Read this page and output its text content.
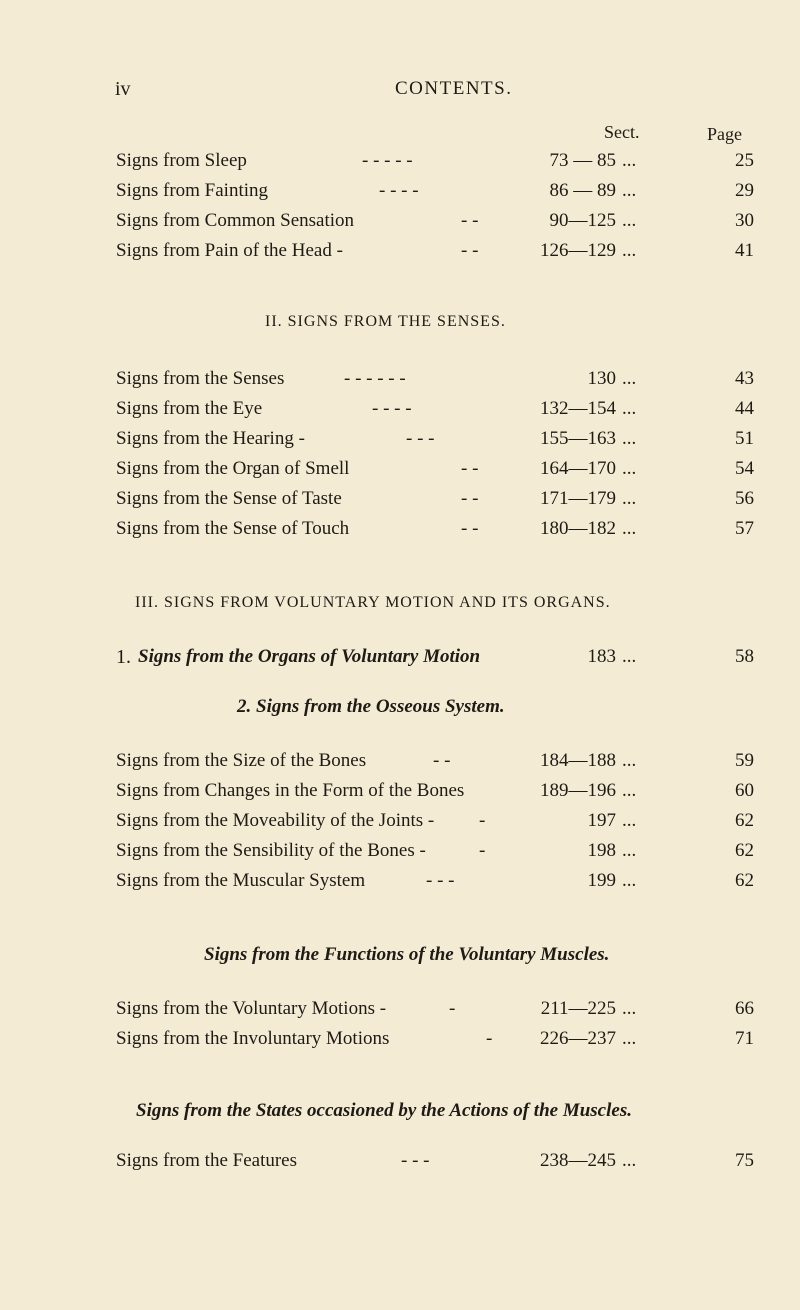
iv	CONTENTS.
Sect.	Page
Signs from Sleep	- - - - -	73 — 85 ...	25
Signs from Fainting	- - - -	86 — 89 ...	29
Signs from Common Sensation	- -	90—125 ...	30
Signs from Pain of the Head -	- -	126—129 ...	41
II. SIGNS FROM THE SENSES.
Signs from the Senses	- - - - - -	130 ...	43
Signs from the Eye	- - - -	132—154 ...	44
Signs from the Hearing -	- - -	155—163 ...	51
Signs from the Organ of Smell	- -	164—170 ...	54
Signs from the Sense of Taste	- -	171—179 ...	56
Signs from the Sense of Touch	- -	180—182 ...	57
III. SIGNS FROM VOLUNTARY MOTION AND ITS ORGANS.
1. Signs from the Organs of Voluntary Motion	183 ...	58
2. Signs from the Osseous System.
Signs from the Size of the Bones	- -	184—188 ...	59
Signs from Changes in the Form of the Bones	189—196 ...	60
Signs from the Moveability of the Joints - -	197 ...	62
Signs from the Sensibility of the Bones -	-	198 ...	62
Signs from the Muscular System	- - -	199 ...	62
Signs from the Functions of the Voluntary Muscles.
Signs from the Voluntary Motions -	-	211—225 ...	66
Signs from the Involuntary Motions	-	226—237 ...	71
Signs from the States occasioned by the Actions of the Muscles.
Signs from the Features	- - -	238—245 ...	75
